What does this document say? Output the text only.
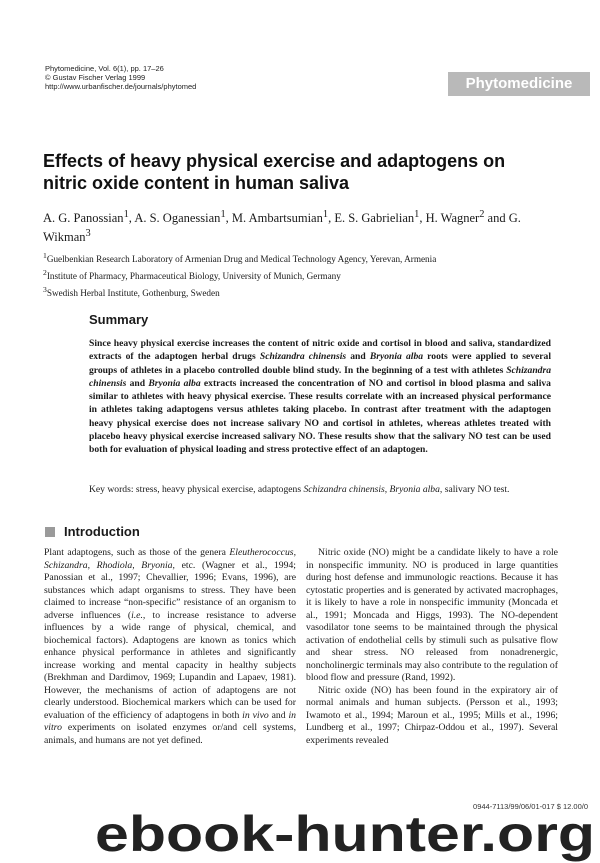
Phytomedicine, Vol. 6(1), pp. 17–26
© Gustav Fischer Verlag 1999
http://www.urbanfischer.de/journals/phytomed	Phytomedicine
Effects of heavy physical exercise and adaptogens on nitric oxide content in human saliva
A. G. Panossian$^1$, A. S. Oganessian$^1$, M. Ambartsumian$^1$, E. S. Gabrielian$^1$, H. Wagner$^2$ and G. Wikman$^3$
$^1$Guelbenkian Research Laboratory of Armenian Drug and Medical Technology Agency, Yerevan, Armenia
$^2$Institute of Pharmacy, Pharmaceutical Biology, University of Munich, Germany
$^3$Swedish Herbal Institute, Gothenburg, Sweden
Summary
Since heavy physical exercise increases the content of nitric oxide and cortisol in blood and saliva, standardized extracts of the adaptogen herbal drugs Schizandra chinensis and Bryonia alba roots were applied to several groups of athletes in a placebo controlled double blind study. In the beginning of a test with athletes Schizandra chinensis and Bryonia alba extracts increased the concentration of NO and cortisol in blood plasma and saliva similar to athletes with heavy physical exercise. These results correlate with an increased physical performance in athletes taking adaptogens versus athletes taking placebo. In contrast after treatment with the adaptogen heavy physical exercise does not increase salivary NO and cortisol in athletes, whereas athletes treated with placebo heavy physical exercise increased salivary NO. These results show that the salivary NO test can be used both for evaluation of physical loading and stress protective effect of an adaptogen.
Key words: stress, heavy physical exercise, adaptogens Schizandra chinensis, Bryonia alba, salivary NO test.
Introduction

Plant adaptogens, such as those of the genera Eleutherococcus, Schizandra, Rhodiola, Bryonia, etc. (Wagner et al., 1994; Panossian et al., 1997; Chevallier, 1996; Evans, 1996), are substances which adapt organisms to stress. They have been claimed to increase “non-specific” resistance of an organism to adverse influences (i.e., to increase resistance to adverse influences by a wide range of physical, chemical, and biochemical factors). Adaptogens are known as tonics which enhance physical performance in athletes and significantly increase working and mental capacity in healthy subjects (Brekhman and Dardimov, 1969; Lupandin and Lapaev, 1981). However, the mechanisms of action of adaptogens are not clearly understood. Biochemical markers which can be used for evaluation of the efficiency of adaptogens in both in vivo and in vitro experiments on isolated enzymes or/and cell systems, animals, and humans are not yet defined.

Nitric oxide (NO) might be a candidate likely to have a role in nonspecific immunity. NO is produced in large quantities during host defense and immunologic reactions. Because it has cytostatic properties and is generated by activated macrophages, it is likely to have a role in nonspecific immunity (Moncada et al., 1991; Moncada and Higgs, 1993). The NO-dependent vasodilator tone seems to be maintained through the physical activation of endothelial cells by stimuli such as pulsative flow and shear stress. NO released from nonadrenergic, noncholinergic terminals may also contribute to the regulation of blood flow and pressure (Rand, 1992).

Nitric oxide (NO) has been found in the expiratory air of normal animals and human subjects. (Persson et al., 1993; Iwamoto et al., 1994; Maroun et al., 1995; Mills et al., 1996; Lundberg et al., 1997; Chirpaz-Oddou et al., 1997). Several experiments revealed

0944-7113/99/06/01-017 $ 12.00/0
ebook-hunter.org
